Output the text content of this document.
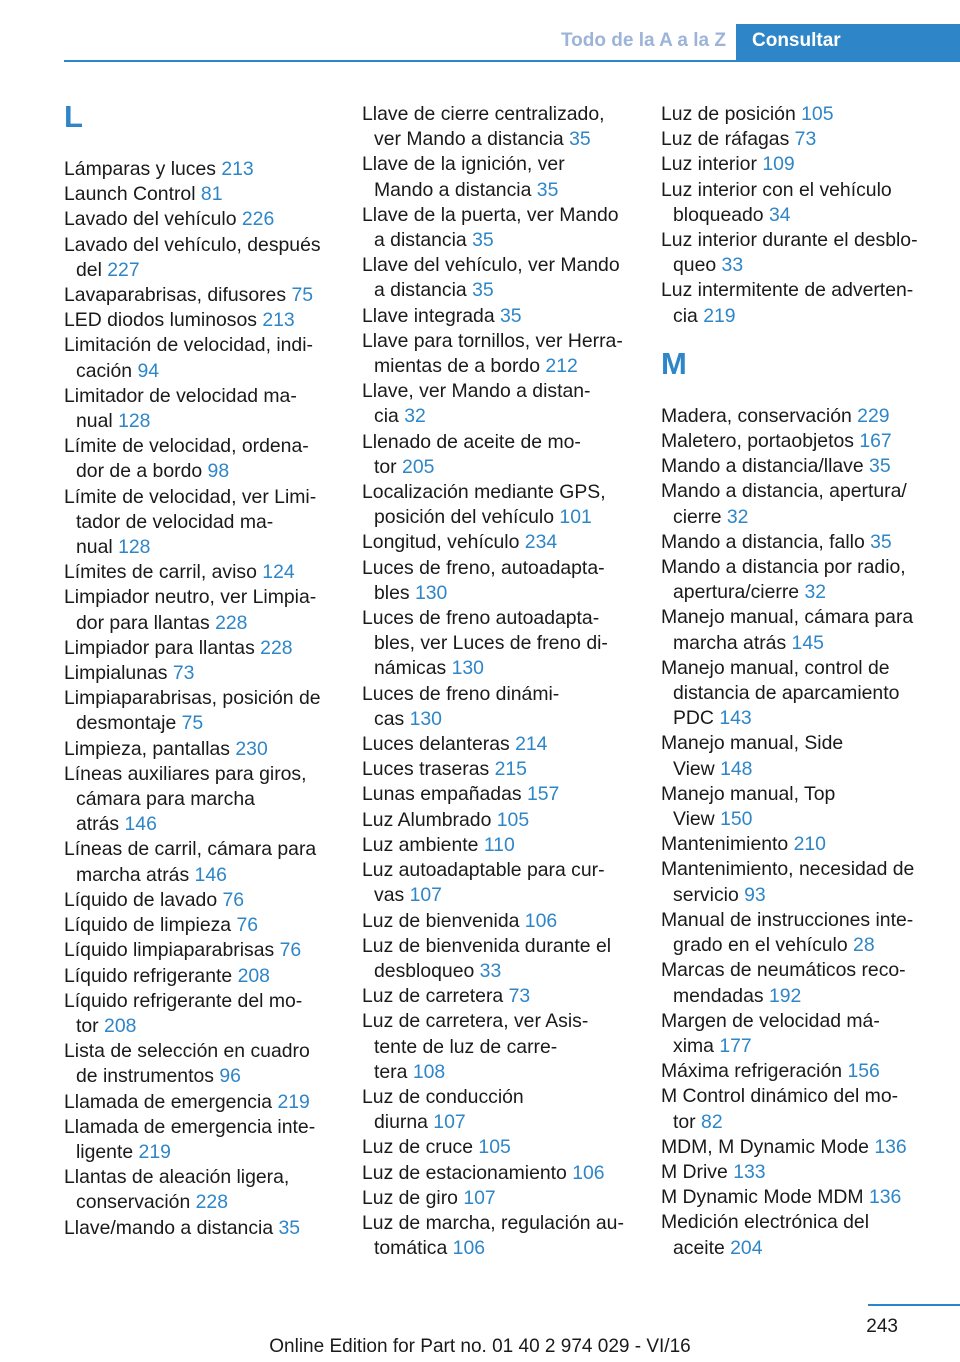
Todo de la A a la Z	Consultar
L
Lámparas y luces 213
Launch Control 81
Lavado del vehículo 226
Lavado del vehículo, después
del 227
Lavaparabrisas, difusores 75
LED diodos luminosos 213
Limitación de velocidad, indi‐
cación 94
Limitador de velocidad ma‐
nual 128
Límite de velocidad, ordena‐
dor de a bordo 98
Límite de velocidad, ver Limi‐
tador de velocidad ma‐
nual 128
Límites de carril, aviso 124
Limpiador neutro, ver Limpia‐
dor para llantas 228
Limpiador para llantas 228
Limpialunas 73
Limpiaparabrisas, posición de
desmontaje 75
Limpieza, pantallas 230
Líneas auxiliares para giros,
cámara para marcha
atrás 146
Líneas de carril, cámara para
marcha atrás 146
Líquido de lavado 76
Líquido de limpieza 76
Líquido limpiaparabrisas 76
Líquido refrigerante 208
Líquido refrigerante del mo‐
tor 208
Lista de selección en cuadro
de instrumentos 96
Llamada de emergencia 219
Llamada de emergencia inte‐
ligente 219
Llantas de aleación ligera,
conservación 228
Llave/mando a distancia 35
Llave de cierre centralizado,
ver Mando a distancia 35
Llave de la ignición, ver
Mando a distancia 35
Llave de la puerta, ver Mando
a distancia 35
Llave del vehículo, ver Mando
a distancia 35
Llave integrada 35
Llave para tornillos, ver Herra‐
mientas de a bordo 212
Llave, ver Mando a distan‐
cia 32
Llenado de aceite de mo‐
tor 205
Localización mediante GPS,
posición del vehículo 101
Longitud, vehículo 234
Luces de freno, autoadapta‐
bles 130
Luces de freno autoadapta‐
bles, ver Luces de freno di‐
námicas 130
Luces de freno dinámi‐
cas 130
Luces delanteras 214
Luces traseras 215
Lunas empañadas 157
Luz Alumbrado 105
Luz ambiente 110
Luz autoadaptable para cur‐
vas 107
Luz de bienvenida 106
Luz de bienvenida durante el
desbloqueo 33
Luz de carretera 73
Luz de carretera, ver Asis‐
tente de luz de carre‐
tera 108
Luz de conducción
diurna 107
Luz de cruce 105
Luz de estacionamiento 106
Luz de giro 107
Luz de marcha, regulación au‐
tomática 106
Luz de posición 105
Luz de ráfagas 73
Luz interior 109
Luz interior con el vehículo
bloqueado 34
Luz interior durante el desblo‐
queo 33
Luz intermitente de adverten‐
cia 219
M
Madera, conservación 229
Maletero, portaobjetos 167
Mando a distancia/llave 35
Mando a distancia, apertura/
cierre 32
Mando a distancia, fallo 35
Mando a distancia por radio,
apertura/cierre 32
Manejo manual, cámara para
marcha atrás 145
Manejo manual, control de
distancia de aparcamiento
PDC 143
Manejo manual, Side
View 148
Manejo manual, Top
View 150
Mantenimiento 210
Mantenimiento, necesidad de
servicio 93
Manual de instrucciones inte‐
grado en el vehículo 28
Marcas de neumáticos reco‐
mendadas 192
Margen de velocidad má‐
xima 177
Máxima refrigeración 156
M Control dinámico del mo‐
tor 82
MDM, M Dynamic Mode 136
M Drive 133
M Dynamic Mode MDM 136
Medición electrónica del
aceite 204
243
Online Edition for Part no. 01 40 2 974 029 - VI/16
